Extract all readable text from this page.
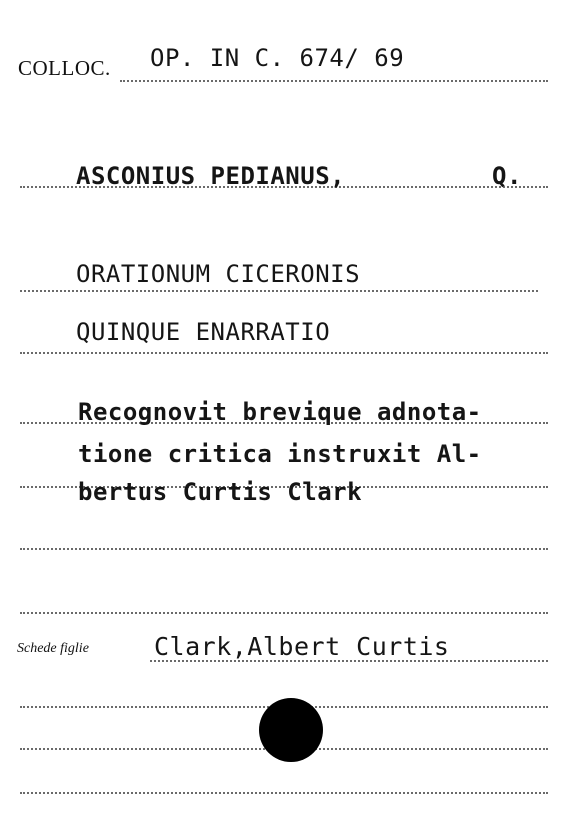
COLLOC. OP. IN C. 674/ 69
ASCONIUS PEDIANUS,	Q.
ORATIONUM CICERONIS
QUINQUE ENARRATIO
Recognovit brevique adnota-
tione critica instruxit Al-
bertus Curtis Clark
Schede figlie	Clark,Albert Curtis
